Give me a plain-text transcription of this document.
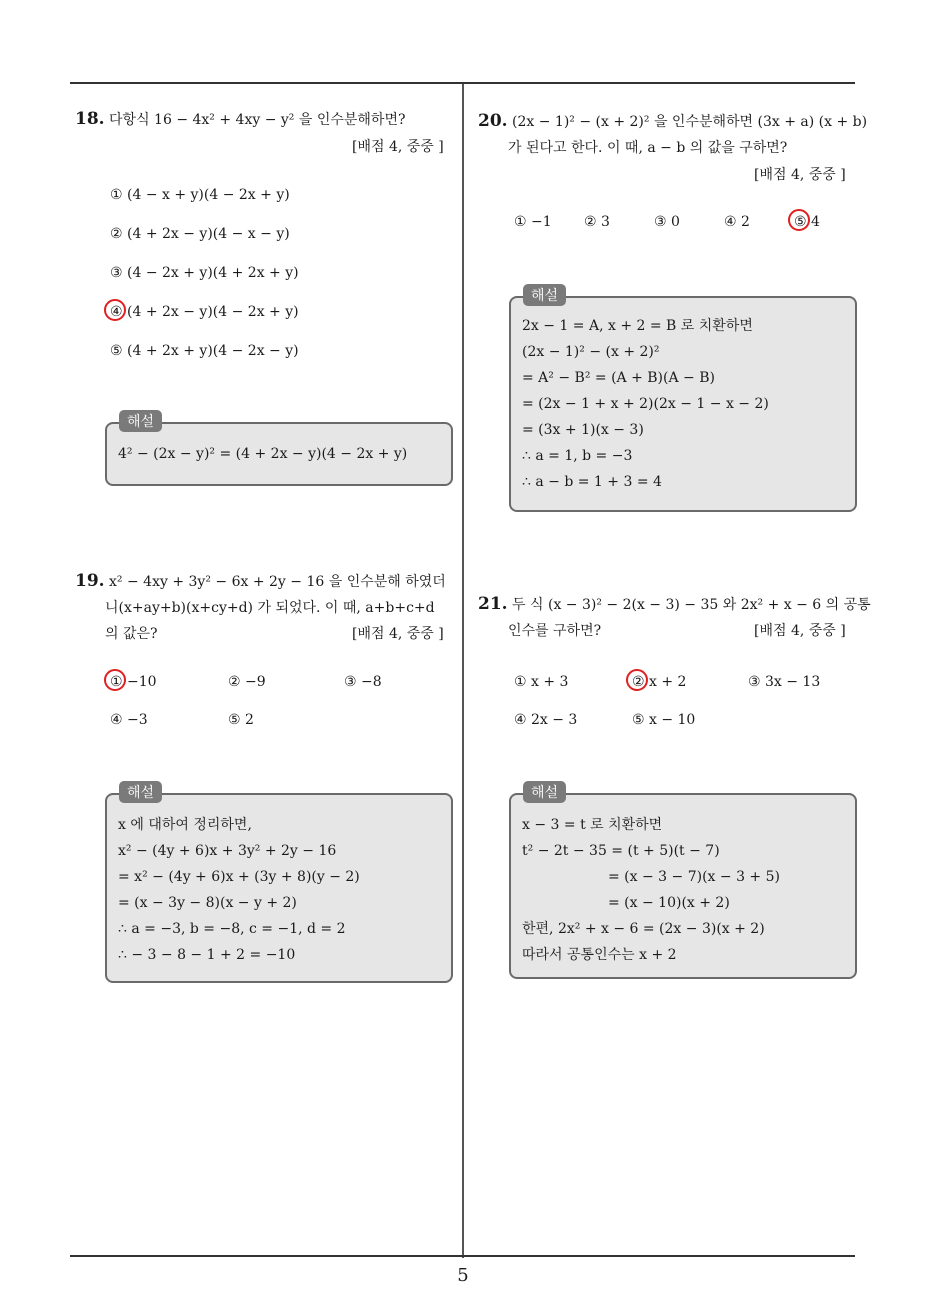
18. 다항식 16 − 4x² + 4xy − y² 을 인수분해하면?
[배점 4, 중중 ]
① (4 − x + y)(4 − 2x + y)
② (4 + 2x − y)(4 − x − y)
③ (4 − 2x + y)(4 + 2x + y)
④ (4 + 2x − y)(4 − 2x + y)
⑤ (4 + 2x + y)(4 − 2x − y)
해설
4² − (2x − y)² = (4 + 2x − y)(4 − 2x + y)
19. x² − 4xy + 3y² − 6x + 2y − 16 을 인수분해 하였더
니(x+ay+b)(x+cy+d) 가 되었다. 이 때, a+b+c+d
의 값은?	[배점 4, 중중 ]
① −10	② −9	③ −8
④ −3	⑤ 2
해설
x 에 대하여 정리하면,
x² − (4y + 6)x + 3y² + 2y − 16
= x² − (4y + 6)x + (3y + 8)(y − 2)
= (x − 3y − 8)(x − y + 2)
∴ a = −3, b = −8, c = −1, d = 2
∴ − 3 − 8 − 1 + 2 = −10
20. (2x − 1)² − (x + 2)² 을 인수분해하면 (3x + a) (x + b)
가 된다고 한다. 이 때, a − b 의 값을 구하면?
[배점 4, 중중 ]
① −1 ② 3	③ 0	④ 2	⑤ 4
해설
2x − 1 = A, x + 2 = B 로 치환하면
(2x − 1)² − (x + 2)²
= A² − B² = (A + B)(A − B)
= (2x − 1 + x + 2)(2x − 1 − x − 2)
= (3x + 1)(x − 3)
∴ a = 1, b = −3
∴ a − b = 1 + 3 = 4
21. 두 식 (x − 3)² − 2(x − 3) − 35 와 2x² + x − 6 의 공통
인수를 구하면?	[배점 4, 중중 ]
① x + 3	② x + 2	③ 3x − 13
④ 2x − 3	⑤ x − 10
해설
x − 3 = t 로 치환하면
t² − 2t − 35 = (t + 5)(t − 7)
= (x − 3 − 7)(x − 3 + 5)
= (x − 10)(x + 2)
한편, 2x² + x − 6 = (2x − 3)(x + 2)
따라서 공통인수는 x + 2
5
